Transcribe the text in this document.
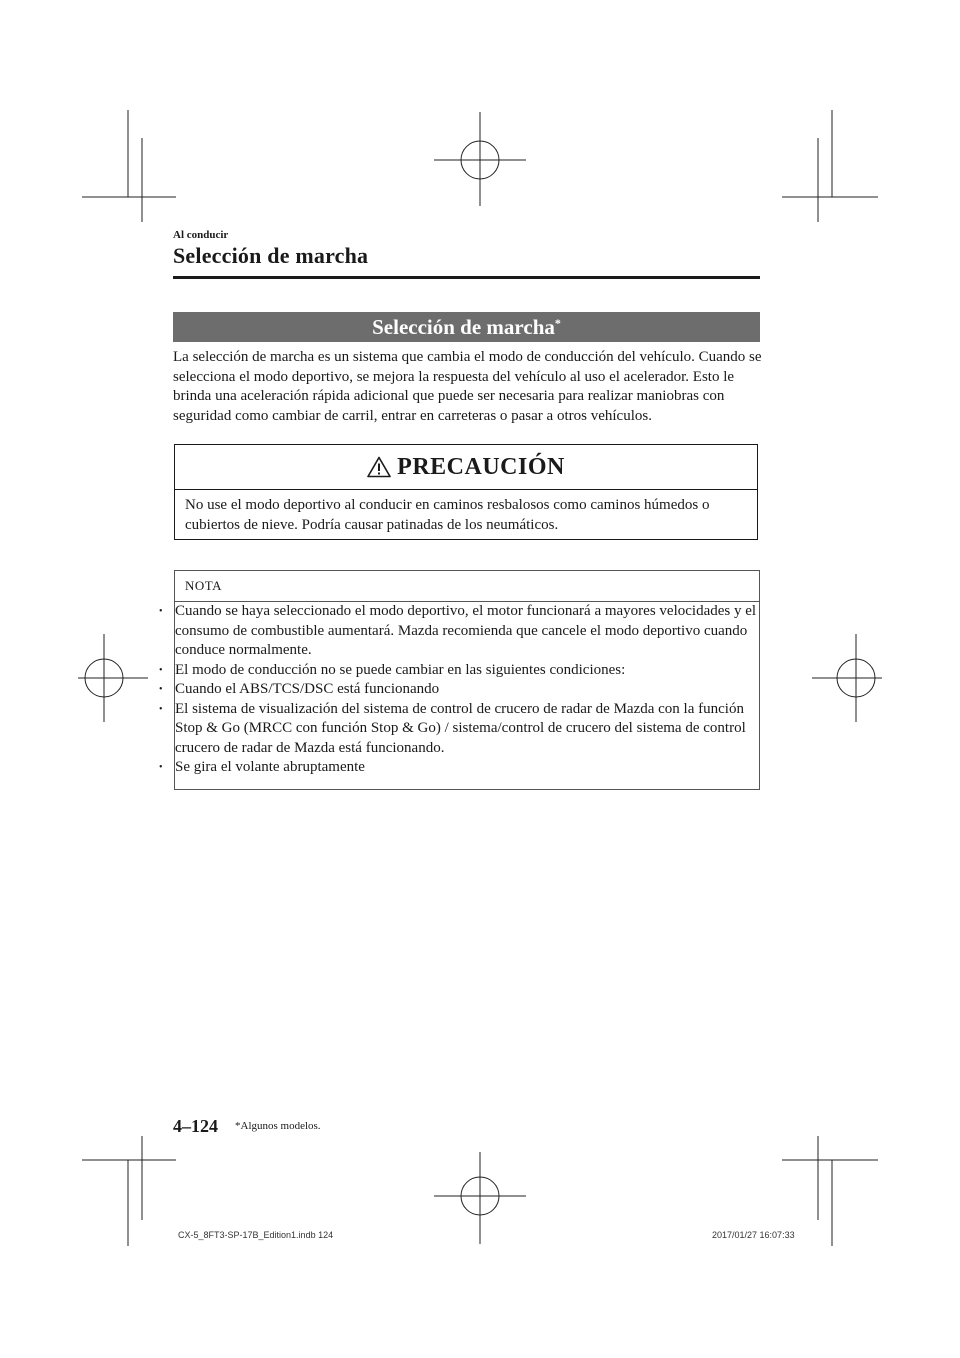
Al conducir
Selección de marcha
Selección de marcha*

La selección de marcha es un sistema que cambia el modo de conducción del vehículo. Cuando se selecciona el modo deportivo, se mejora la respuesta del vehículo al uso el acelerador. Esto le brinda una aceleración rápida adicional que puede ser necesaria para realizar maniobras con seguridad como cambiar de carril, entrar en carreteras o pasar a otros vehículos.

PRECAUCIÓN

No use el modo deportivo al conducir en caminos resbalosos como caminos húmedos o cubiertos de nieve. Podría causar patinadas de los neumáticos.

NOTA
• Cuando se haya seleccionado el modo deportivo, el motor funcionará a mayores velocidades y el consumo de combustible aumentará. Mazda recomienda que cancele el modo deportivo cuando conduce normalmente.
• El modo de conducción no se puede cambiar en las siguientes condiciones:
• Cuando el ABS/TCS/DSC está funcionando
• El sistema de visualización del sistema de control de crucero de radar de Mazda con la función Stop & Go (MRCC con función Stop & Go) / sistema/control de crucero del sistema de control crucero de radar de Mazda está funcionando.
• Se gira el volante abruptamente
4–124 *Algunos modelos.
CX-5_8FT3-SP-17B_Edition1.indb 124	2017/01/27 16:07:33
